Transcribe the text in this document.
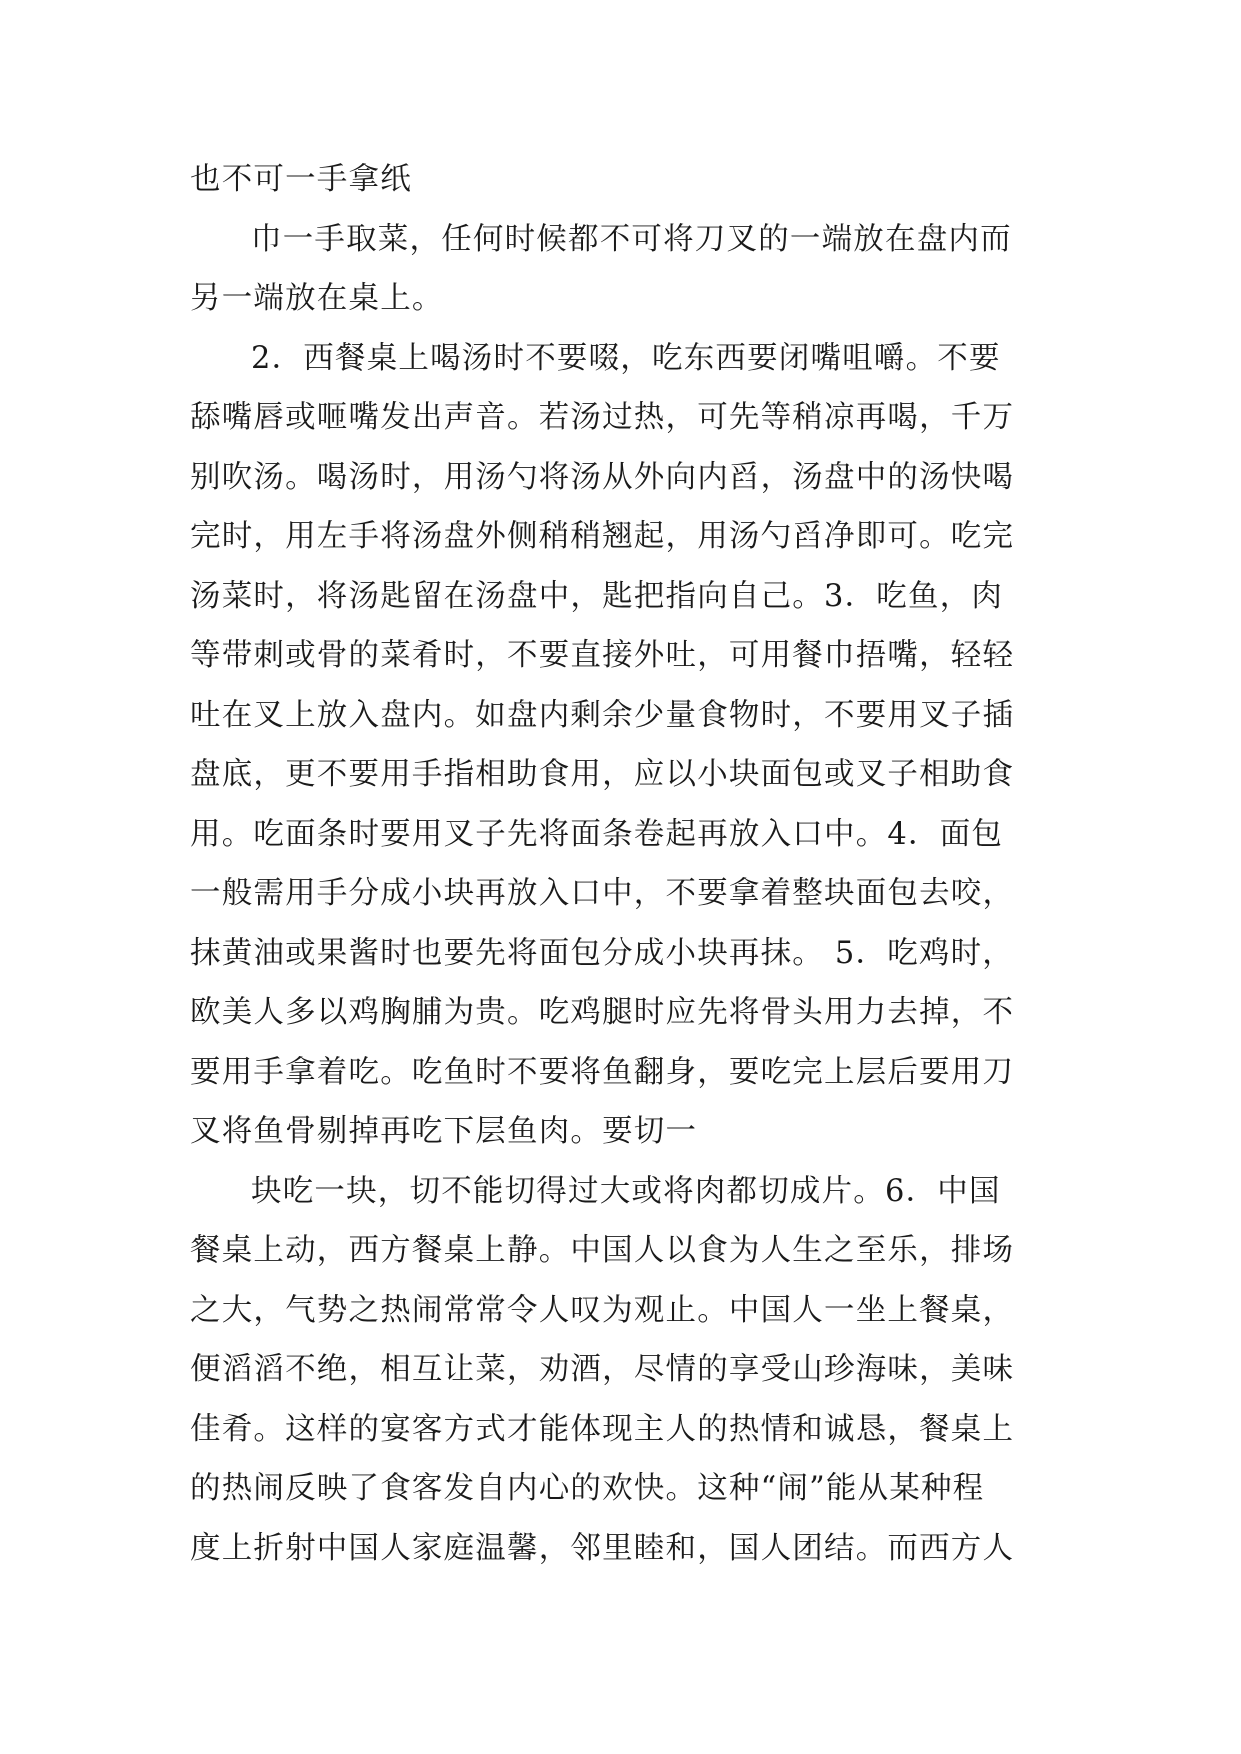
也不可一手拿纸
巾一手取菜，任何时候都不可将刀叉的一端放在盘内而
另一端放在桌上。
2．西餐桌上喝汤时不要啜，吃东西要闭嘴咀嚼。不要
舔嘴唇或咂嘴发出声音。若汤过热，可先等稍凉再喝，千万
别吹汤。喝汤时，用汤勺将汤从外向内舀，汤盘中的汤快喝
完时，用左手将汤盘外侧稍稍翘起，用汤勺舀净即可。吃完
汤菜时，将汤匙留在汤盘中，匙把指向自己。3．吃鱼，肉
等带刺或骨的菜肴时，不要直接外吐，可用餐巾捂嘴，轻轻
吐在叉上放入盘内。如盘内剩余少量食物时，不要用叉子插
盘底，更不要用手指相助食用，应以小块面包或叉子相助食
用。吃面条时要用叉子先将面条卷起再放入口中。4．面包
一般需用手分成小块再放入口中，不要拿着整块面包去咬，
抹黄油或果酱时也要先将面包分成小块再抹。 5．吃鸡时，
欧美人多以鸡胸脯为贵。吃鸡腿时应先将骨头用力去掉，不
要用手拿着吃。吃鱼时不要将鱼翻身，要吃完上层后要用刀
叉将鱼骨剔掉再吃下层鱼肉。要切一
块吃一块，切不能切得过大或将肉都切成片。6．中国
餐桌上动，西方餐桌上静。中国人以食为人生之至乐，排场
之大，气势之热闹常常令人叹为观止。中国人一坐上餐桌，
便滔滔不绝，相互让菜，劝酒，尽情的享受山珍海味，美味
佳肴。这样的宴客方式才能体现主人的热情和诚恳，餐桌上
的热闹反映了食客发自内心的欢快。这种“闹”能从某种程
度上折射中国人家庭温馨，邻里睦和，国人团结。而西方人
